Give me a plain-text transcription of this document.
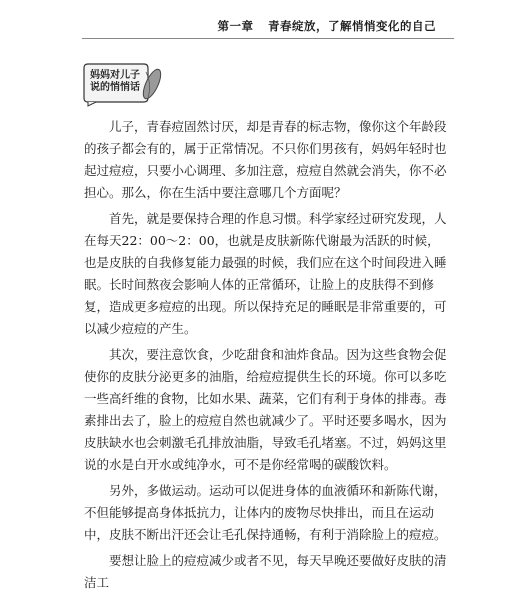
第一章 青春绽放，了解悄悄变化的自己
妈妈对儿子
说的悄悄话

儿子，青春痘固然讨厌，却是青春的标志物，像你这个年龄段的孩子都会有的，属于正常情况。不只你们男孩有，妈妈年轻时也起过痘痘，只要小心调理、多加注意，痘痘自然就会消失，你不必担心。那么，你在生活中要注意哪几个方面呢？

首先，就是要保持合理的作息习惯。科学家经过研究发现，人在每天22：00～2：00，也就是皮肤新陈代谢最为活跃的时候，也是皮肤的自我修复能力最强的时候，我们应在这个时间段进入睡眠。长时间熬夜会影响人体的正常循环，让脸上的皮肤得不到修复，造成更多痘痘的出现。所以保持充足的睡眠是非常重要的，可以减少痘痘的产生。

其次，要注意饮食，少吃甜食和油炸食品。因为这些食物会促使你的皮肤分泌更多的油脂，给痘痘提供生长的环境。你可以多吃一些高纤维的食物，比如水果、蔬菜，它们有利于身体的排毒。毒素排出去了，脸上的痘痘自然也就减少了。平时还要多喝水，因为皮肤缺水也会刺激毛孔排放油脂，导致毛孔堵塞。不过，妈妈这里说的水是白开水或纯净水，可不是你经常喝的碳酸饮料。

另外，多做运动。运动可以促进身体的血液循环和新陈代谢，不但能够提高身体抵抗力，让体内的废物尽快排出，而且在运动中，皮肤不断出汗还会让毛孔保持通畅，有利于消除脸上的痘痘。

要想让脸上的痘痘减少或者不见，每天早晚还要做好皮肤的清洁工
